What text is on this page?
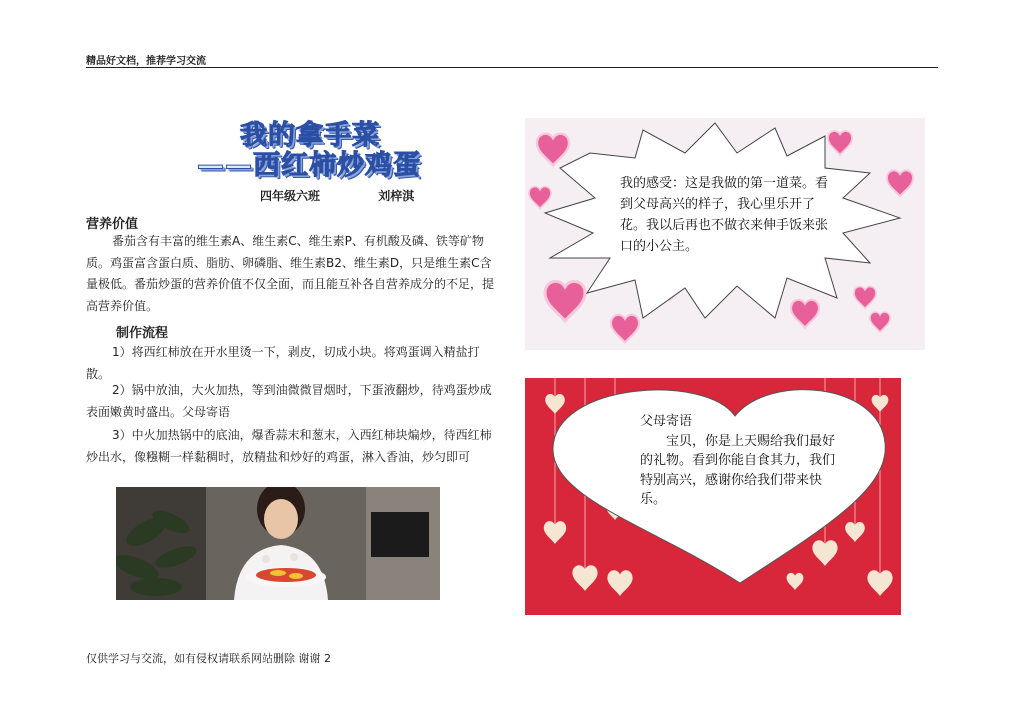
精品好文档，推荐学习交流
我的拿手菜
——西红柿炒鸡蛋
四年级六班	刘梓淇
营养价值
番茄含有丰富的维生素A、维生素C、维生素P、有机酸及磷、铁等矿物质。鸡蛋富含蛋白质、脂肪、卵磷脂、维生素B2、维生素D，只是维生素C含量极低。番茄炒蛋的营养价值不仅全面，而且能互补各自营养成分的不足，提高营养价值。
制作流程
1）将西红柿放在开水里烫一下，剥皮，切成小块。将鸡蛋调入精盐打散。
2）锅中放油，大火加热，等到油微微冒烟时，下蛋液翻炒，待鸡蛋炒成表面嫩黄时盛出。父母寄语
3）中火加热锅中的底油，爆香蒜末和葱末，入西红柿块煸炒，待西红柿炒出水，像糨糊一样黏稠时，放精盐和炒好的鸡蛋，淋入香油，炒匀即可
我的感受：这是我做的第一道菜。看到父母高兴的样子，我心里乐开了花。我以后再也不做衣来伸手饭来张口的小公主。
父母寄语
宝贝，你是上天赐给我们最好的礼物。看到你能自食其力，我们特别高兴，感谢你给我们带来快乐。
仅供学习与交流，如有侵权请联系网站删除 谢谢 2
